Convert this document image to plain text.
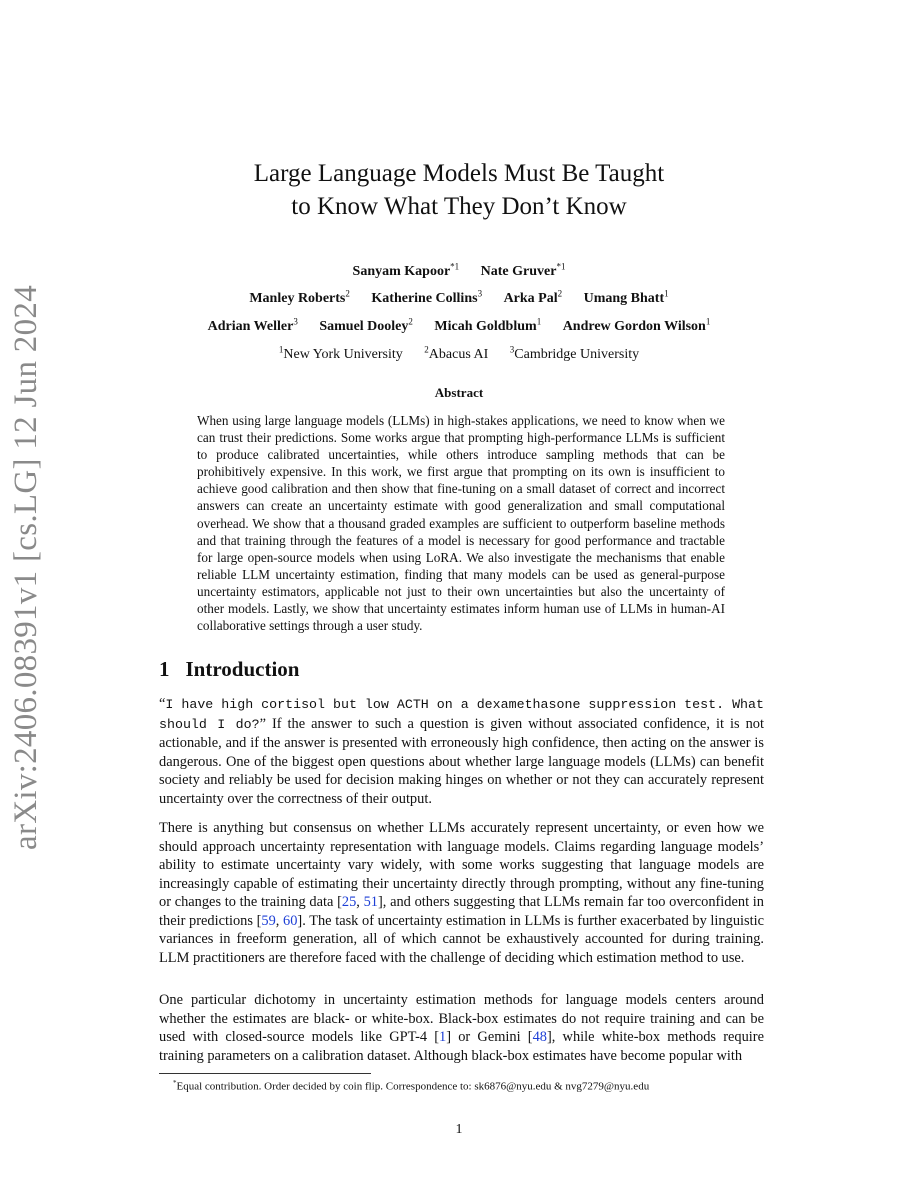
arXiv:2406.08391v1 [cs.LG] 12 Jun 2024
Large Language Models Must Be Taught
to Know What They Don’t Know
Sanyam Kapoor$^{*1}$ Nate Gruver$^{*1}$
Manley Roberts$^2$ Katherine Collins$^3$ Arka Pal$^2$ Umang Bhatt$^1$
Adrian Weller$^3$ Samuel Dooley$^2$ Micah Goldblum$^1$ Andrew Gordon Wilson$^1$
$^1$New York University $^2$Abacus AI $^3$Cambridge University
Abstract
When using large language models (LLMs) in high-stakes applications, we need to know when we can trust their predictions. Some works argue that prompting high-performance LLMs is sufficient to produce calibrated uncertainties, while others introduce sampling methods that can be prohibitively expensive. In this work, we first argue that prompting on its own is insufficient to achieve good calibration and then show that fine-tuning on a small dataset of correct and incorrect answers can create an uncertainty estimate with good generalization and small computational overhead. We show that a thousand graded examples are sufficient to outperform baseline methods and that training through the features of a model is necessary for good performance and tractable for large open-source models when using LoRA. We also investigate the mechanisms that enable reliable LLM uncertainty estimation, finding that many models can be used as general-purpose uncertainty estimators, applicable not just to their own uncertainties but also the uncertainty of other models. Lastly, we show that uncertainty estimates inform human use of LLMs in human-AI collaborative settings through a user study.
1 Introduction
“I have high cortisol but low ACTH on a dexamethasone suppression test. What should I do?” If the answer to such a question is given without associated confidence, it is not actionable, and if the answer is presented with erroneously high confidence, then acting on the answer is dangerous. One of the biggest open questions about whether large language models (LLMs) can benefit society and reliably be used for decision making hinges on whether or not they can accurately represent uncertainty over the correctness of their output.
There is anything but consensus on whether LLMs accurately represent uncertainty, or even how we should approach uncertainty representation with language models. Claims regarding language models’ ability to estimate uncertainty vary widely, with some works suggesting that language models are increasingly capable of estimating their uncertainty directly through prompting, without any fine-tuning or changes to the training data [25, 51], and others suggesting that LLMs remain far too overconfident in their predictions [59, 60]. The task of uncertainty estimation in LLMs is further exacerbated by linguistic variances in freeform generation, all of which cannot be exhaustively accounted for during training. LLM practitioners are therefore faced with the challenge of deciding which estimation method to use.
One particular dichotomy in uncertainty estimation methods for language models centers around whether the estimates are black- or white-box. Black-box estimates do not require training and can be used with closed-source models like GPT-4 [1] or Gemini [48], while white-box methods require training parameters on a calibration dataset. Although black-box estimates have become popular with
*Equal contribution. Order decided by coin flip. Correspondence to: sk6876@nyu.edu & nvg7279@nyu.edu
1
